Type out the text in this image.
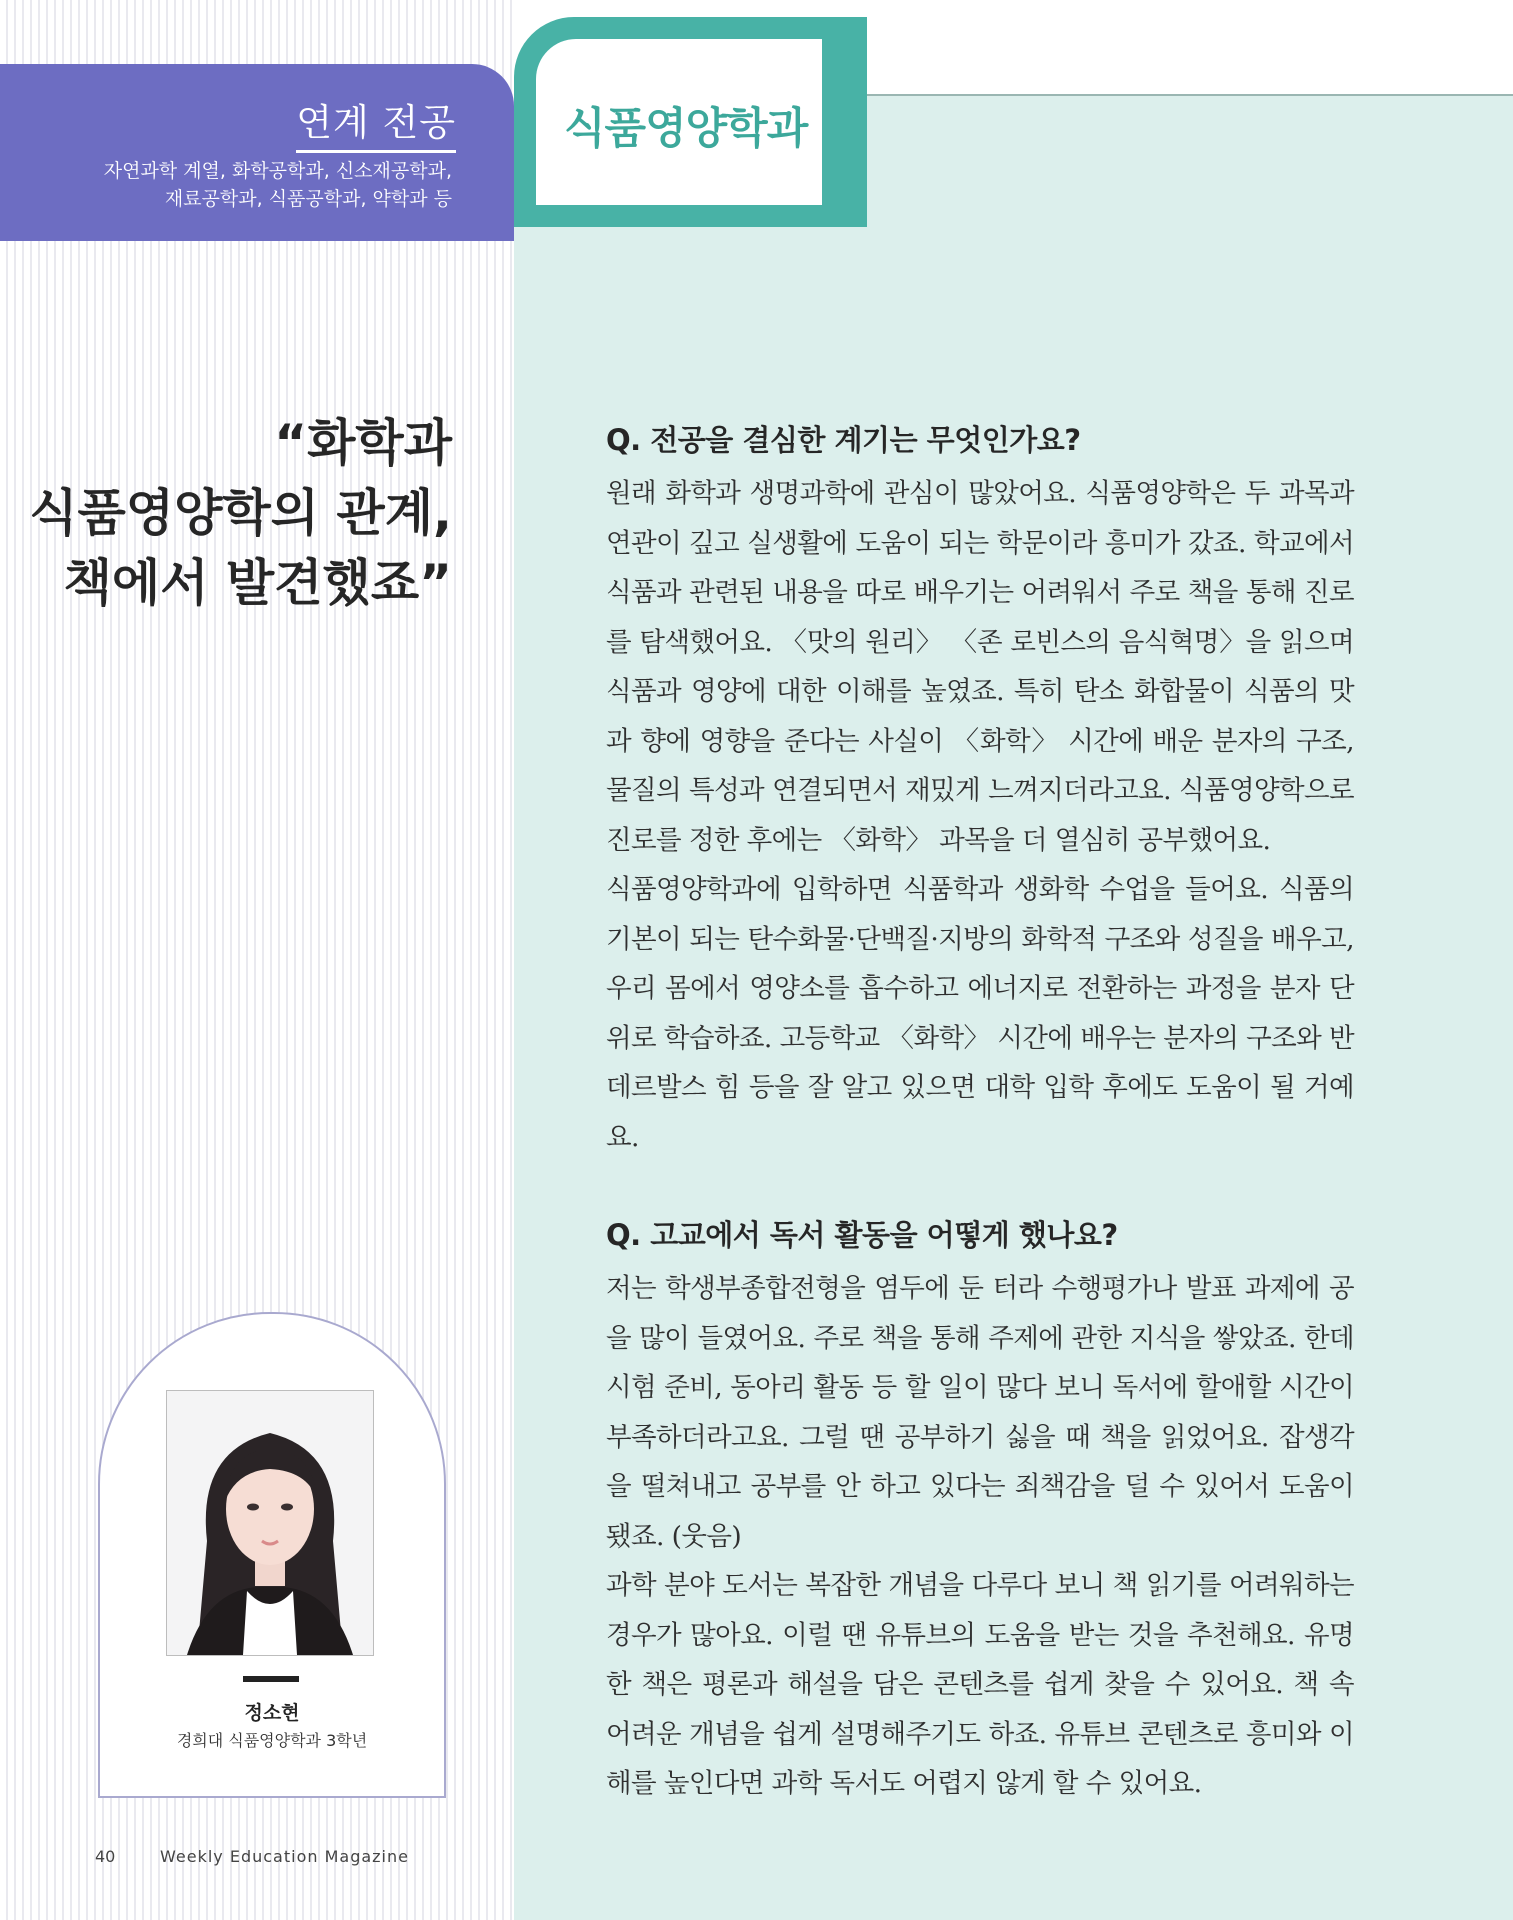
연계 전공
자연과학 계열, 화학공학과, 신소재공학과,
재료공학과, 식품공학과, 약학과 등
식품영양학과
“화학과
식품영양학의 관계,
책에서 발견했죠”

Q. 전공을 결심한 계기는 무엇인가요?

원래 화학과 생명과학에 관심이 많았어요. 식품영양학은 두 과목과 연관이 깊고 실생활에 도움이 되는 학문이라 흥미가 갔죠. 학교에서 식품과 관련된 내용을 따로 배우기는 어려워서 주로 책을 통해 진로를 탐색했어요. 〈맛의 원리〉 〈존 로빈스의 음식혁명〉을 읽으며 식품과 영양에 대한 이해를 높였죠. 특히 탄소 화합물이 식품의 맛과 향에 영향을 준다는 사실이 〈화학〉 시간에 배운 분자의 구조, 물질의 특성과 연결되면서 재밌게 느껴지더라고요. 식품영양학으로 진로를 정한 후에는 〈화학〉 과목을 더 열심히 공부했어요.

식품영양학과에 입학하면 식품학과 생화학 수업을 들어요. 식품의 기본이 되는 탄수화물·단백질·지방의 화학적 구조와 성질을 배우고, 우리 몸에서 영양소를 흡수하고 에너지로 전환하는 과정을 분자 단위로 학습하죠. 고등학교 〈화학〉 시간에 배우는 분자의 구조와 반데르발스 힘 등을 잘 알고 있으면 대학 입학 후에도 도움이 될 거예요.

Q. 고교에서 독서 활동을 어떻게 했나요?

저는 학생부종합전형을 염두에 둔 터라 수행평가나 발표 과제에 공을 많이 들였어요. 주로 책을 통해 주제에 관한 지식을 쌓았죠. 한데 시험 준비, 동아리 활동 등 할 일이 많다 보니 독서에 할애할 시간이 부족하더라고요. 그럴 땐 공부하기 싫을 때 책을 읽었어요. 잡생각을 떨쳐내고 공부를 안 하고 있다는 죄책감을 덜 수 있어서 도움이 됐죠. (웃음)

과학 분야 도서는 복잡한 개념을 다루다 보니 책 읽기를 어려워하는 경우가 많아요. 이럴 땐 유튜브의 도움을 받는 것을 추천해요. 유명한 책은 평론과 해설을 담은 콘텐츠를 쉽게 찾을 수 있어요. 책 속 어려운 개념을 쉽게 설명해주기도 하죠. 유튜브 콘텐츠로 흥미와 이해를 높인다면 과학 독서도 어렵지 않게 할 수 있어요.

정소현
경희대 식품영양학과 3학년
40	Weekly Education Magazine
